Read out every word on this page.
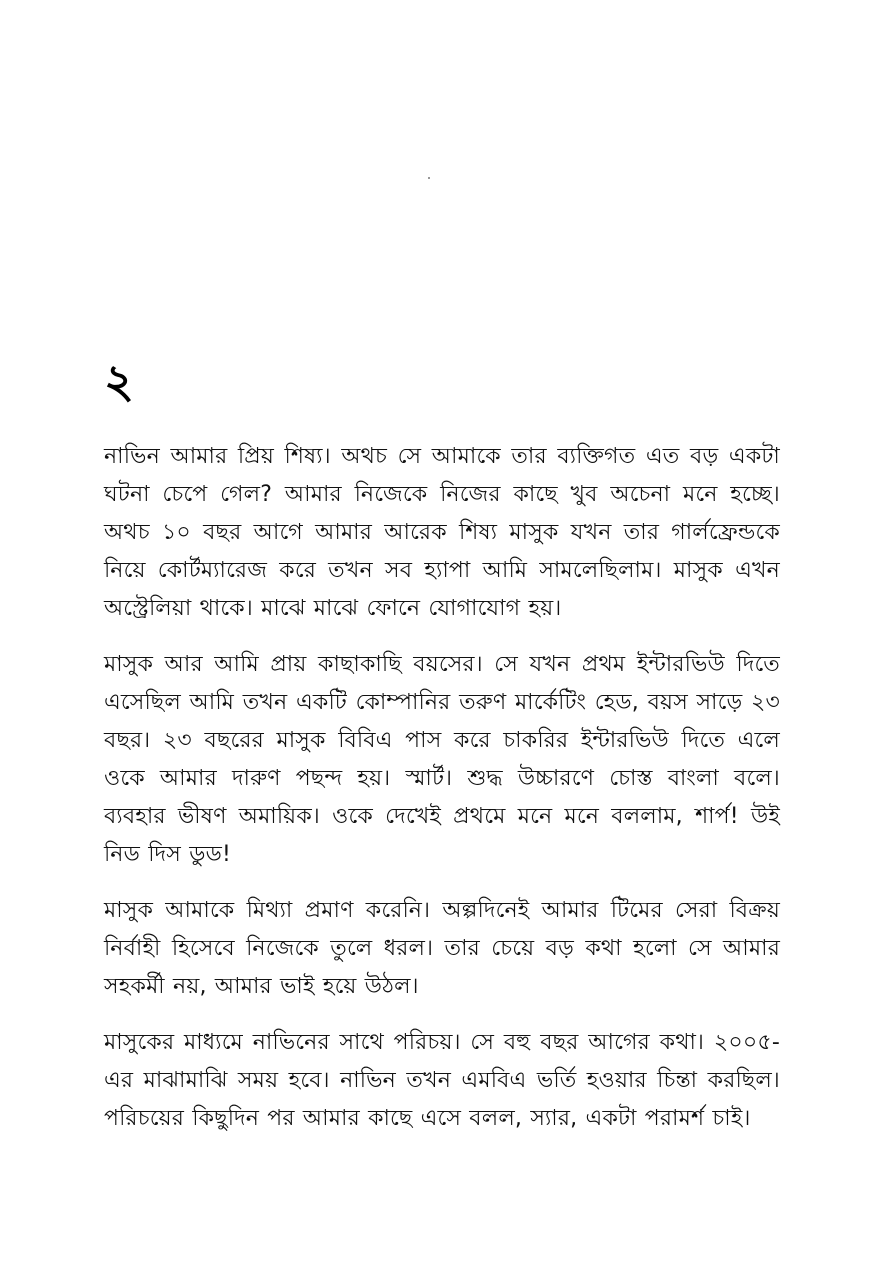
২

নাভিন আমার প্রিয় শিষ্য। অথচ সে আমাকে তার ব্যক্তিগত এত বড় একটা ঘটনা চেপে গেল? আমার নিজেকে নিজের কাছে খুব অচেনা মনে হচ্ছে। অথচ ১০ বছর আগে আমার আরেক শিষ্য মাসুক যখন তার গার্লফ্রেন্ডকে নিয়ে কোর্টম্যারেজ করে তখন সব হ্যাপা আমি সামলেছিলাম। মাসুক এখন অস্ট্রেলিয়া থাকে। মাঝে মাঝে ফোনে যোগাযোগ হয়।

মাসুক আর আমি প্রায় কাছাকাছি বয়সের। সে যখন প্রথম ইন্টারভিউ দিতে এসেছিল আমি তখন একটি কোম্পানির তরুণ মার্কেটিং হেড, বয়স সাড়ে ২৩ বছর। ২৩ বছরের মাসুক বিবিএ পাস করে চাকরির ইন্টারভিউ দিতে এলে ওকে আমার দারুণ পছন্দ হয়। স্মার্ট। শুদ্ধ উচ্চারণে চোস্ত বাংলা বলে। ব্যবহার ভীষণ অমায়িক। ওকে দেখেই প্রথমে মনে মনে বললাম, শার্প! উই নিড দিস ডুড!

মাসুক আমাকে মিথ্যা প্রমাণ করেনি। অল্পদিনেই আমার টিমের সেরা বিক্রয় নির্বাহী হিসেবে নিজেকে তুলে ধরল। তার চেয়ে বড় কথা হলো সে আমার সহকর্মী নয়, আমার ভাই হয়ে উঠল।

মাসুকের মাধ্যমে নাভিনের সাথে পরিচয়। সে বহু বছর আগের কথা। ২০০৫-এর মাঝামাঝি সময় হবে। নাভিন তখন এমবিএ ভর্তি হওয়ার চিন্তা করছিল। পরিচয়ের কিছুদিন পর আমার কাছে এসে বলল, স্যার, একটা পরামর্শ চাই।
